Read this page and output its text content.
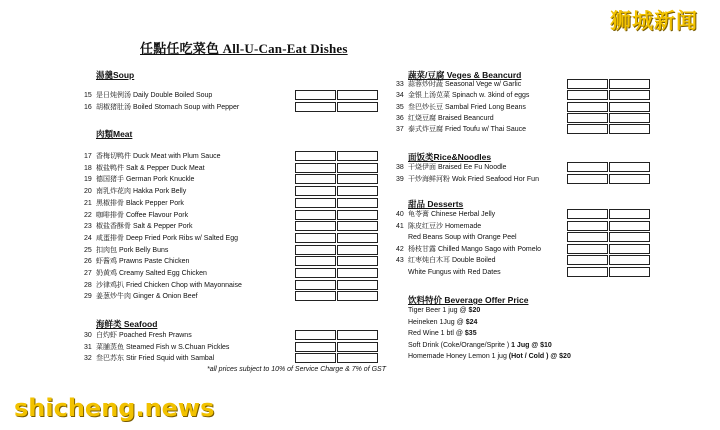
任點任吃菜色 All-U-Can-Eat Dishes
湯羹Soup
15 是日炖例汤 Daily Double Boiled Soup
16 胡椒猪肚汤 Boiled Stomach Soup with Pepper
肉類Meat
17 香梅切鸭件 Duck Meat with Plum Sauce
18 椒盐鸭件 Salt & Pepper Duck Meat
19 德国猪手 German Pork Knuckle
20 南乳炸花肉 Hakka Pork Belly
21 黑椒排骨 Black Pepper Pork
22 咖啡排骨 Coffee Flavour Pork
23 椒盐香酥骨 Salt & Pepper Pork
24 咸蛋排骨 Deep Fried Pork Ribs w/ Salted Egg
25 扣肉包 Pork Belly Buns
26 虾酱鸡 Prawns Paste Chicken
27 奶黄鸡 Creamy Salted Egg Chicken
28 沙律鸡扒 Fried Chicken Chop with Mayonnaise
29 姜葱炒牛肉 Ginger & Onion Beef
海鲜类 Seafood
30 白灼虾 Poached Fresh Prawns
31 菜脯蒸鱼 Steamed Fish w S.Chuan Pickles
32 叁巴苏东 Stir Fried Squid with Sambal
蔬菜/豆腐 Veges & Beancurd
33 蒜蓉炒时蔬 Seasonal Vege w/ Garlic
34 金银上汤苋菜 Spinach w. 3kind of eggs
35 叁巴炒长豆 Sambal Fried Long Beans
36 红烧豆腐 Braised Beancurd
37 泰式炸豆腐 Fried Toufu w/ Thai Sauce
面饭类Rice&Noodles
38 干烧伊面 Braised Ee Fu Noodle
39 干炒海鲜河粉 Wok Fried Seafood Hor Fun
甜品 Desserts
40 龟苓膏 Chinese Herbal Jelly
41 陈皮红豆沙 Homemade
Red Beans Soup with Orange Peel
42 杨枝甘露 Chilled Mango Sago with Pomelo
43 红枣炖白木耳 Double Boiled
White Fungus with Red Dates
饮料特价 Beverage Offer Price
Tiger Beer 1 jug @ $20
Heineken 1Jug @ $24
Red Wine 1 btl @ $35
Soft Drink (Coke/Orange/Sprite ) 1 Jug @ $10
Homemade Honey Lemon 1 jug (Hot / Cold ) @ $20
*all prices subject to 10% of Service Charge & 7% of GST
狮城新闻
shicheng.news
